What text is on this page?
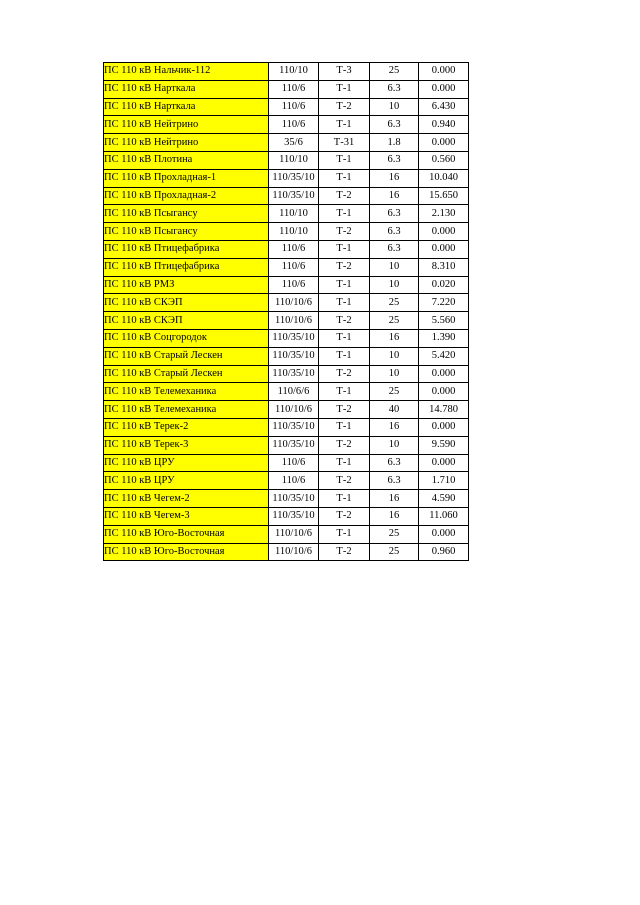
ПС 110 кВ Нальчик-112	110/10	Т-3	25	0.000
ПС 110 кВ Нарткала	110/6	Т-1	6.3	0.000
ПС 110 кВ Нарткала	110/6	Т-2	10	6.430
ПС 110 кВ Нейтрино	110/6	Т-1	6.3	0.940
ПС 110 кВ Нейтрино	35/6	Т-31	1.8	0.000
ПС 110 кВ Плотина	110/10	Т-1	6.3	0.560
ПС 110 кВ Прохладная-1	110/35/10	Т-1	16	10.040
ПС 110 кВ Прохладная-2	110/35/10	Т-2	16	15.650
ПС 110 кВ Псыгансу	110/10	Т-1	6.3	2.130
ПС 110 кВ Псыгансу	110/10	Т-2	6.3	0.000
ПС 110 кВ Птицефабрика	110/6	Т-1	6.3	0.000
ПС 110 кВ Птицефабрика	110/6	Т-2	10	8.310
ПС 110 кВ РМЗ	110/6	Т-1	10	0.020
ПС 110 кВ СКЭП	110/10/6	Т-1	25	7.220
ПС 110 кВ СКЭП	110/10/6	Т-2	25	5.560
ПС 110 кВ Соцгородок	110/35/10	Т-1	16	1.390
ПС 110 кВ Старый Лескен	110/35/10	Т-1	10	5.420
ПС 110 кВ Старый Лескен	110/35/10	Т-2	10	0.000
ПС 110 кВ Телемеханика	110/6/6	Т-1	25	0.000
ПС 110 кВ Телемеханика	110/10/6	Т-2	40	14.780
ПС 110 кВ Терек-2	110/35/10	Т-1	16	0.000
ПС 110 кВ Терек-3	110/35/10	Т-2	10	9.590
ПС 110 кВ ЦРУ	110/6	Т-1	6.3	0.000
ПС 110 кВ ЦРУ	110/6	Т-2	6.3	1.710
ПС 110 кВ Чегем-2	110/35/10	Т-1	16	4.590
ПС 110 кВ Чегем-3	110/35/10	Т-2	16	11.060
ПС 110 кВ Юго-Восточная	110/10/6	Т-1	25	0.000
ПС 110 кВ Юго-Восточная	110/10/6	Т-2	25	0.960
